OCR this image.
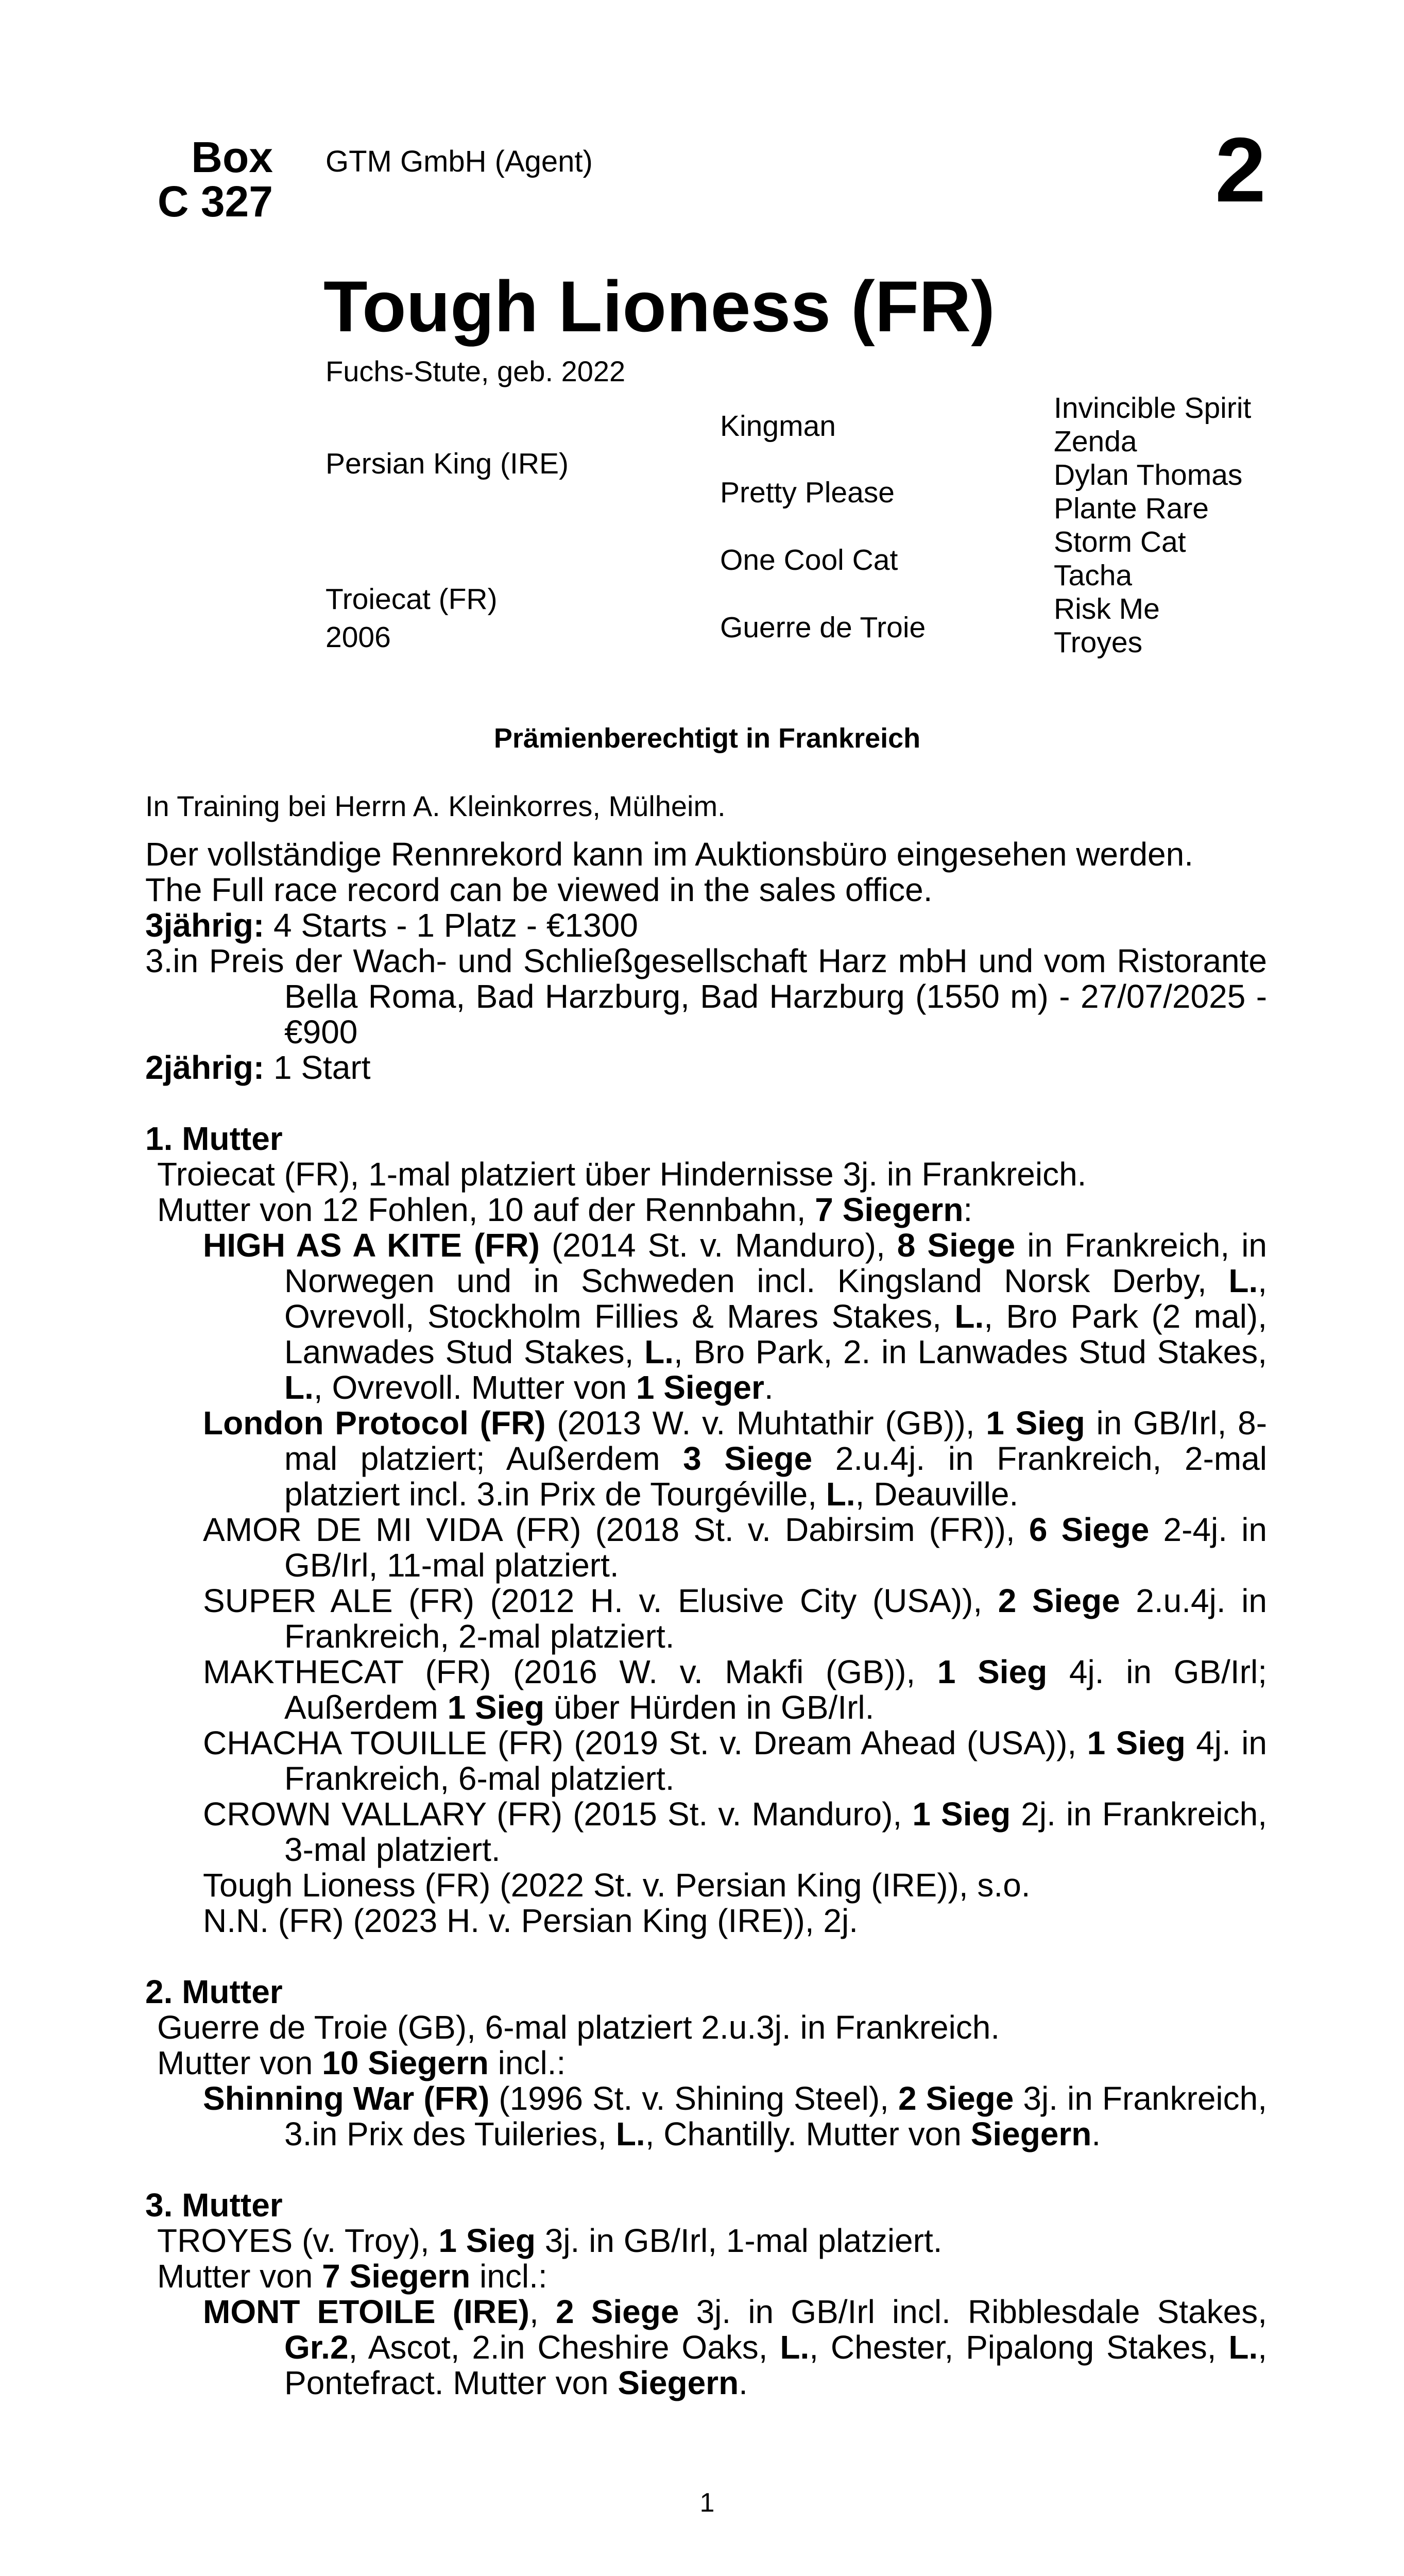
Box
C 327
GTM GmbH (Agent)	2
Tough Lioness (FR)
Fuchs-Stute, geb. 2022
Persian King (IRE)
Troiecat (FR)
2006
Kingman
Pretty Please
One Cool Cat
Guerre de Troie
Invincible Spirit
Zenda
Dylan Thomas
Plante Rare
Storm Cat
Tacha
Risk Me
Troyes
Prämienberechtigt in Frankreich
In Training bei Herrn A. Kleinkorres, Mülheim.

Der vollständige Rennrekord kann im Auktionsbüro eingesehen werden.

The Full race record can be viewed in the sales office.

3jährig: 4 Starts - 1 Platz - €1300

3.in Preis der Wach- und Schließgesellschaft Harz mbH und vom Ristorante Bella Roma, Bad Harzburg, Bad Harzburg (1550 m) - 27/07/2025 - €900

2jährig: 1 Start

1. Mutter

Troiecat (FR), 1-mal platziert über Hindernisse 3j. in Frankreich.

Mutter von 12 Fohlen, 10 auf der Rennbahn, 7 Siegern:

HIGH AS A KITE (FR) (2014 St. v. Manduro), 8 Siege in Frankreich, in Norwegen und in Schweden incl. Kingsland Norsk Derby, L., Ovrevoll, Stockholm Fillies & Mares Stakes, L., Bro Park (2 mal), Lanwades Stud Stakes, L., Bro Park, 2. in Lanwades Stud Stakes, L., Ovrevoll. Mutter von 1 Sieger.

London Protocol (FR) (2013 W. v. Muhtathir (GB)), 1 Sieg in GB/Irl, 8-mal platziert; Außerdem 3 Siege 2.u.4j. in Frankreich, 2-mal platziert incl. 3.in Prix de Tourgéville, L., Deauville.

AMOR DE MI VIDA (FR) (2018 St. v. Dabirsim (FR)), 6 Siege 2-4j. in GB/Irl, 11-mal platziert.

SUPER ALE (FR) (2012 H. v. Elusive City (USA)), 2 Siege 2.u.4j. in Frankreich, 2-mal platziert.

MAKTHECAT (FR) (2016 W. v. Makfi (GB)), 1 Sieg 4j. in GB/Irl; Außerdem 1 Sieg über Hürden in GB/Irl.

CHACHA TOUILLE (FR) (2019 St. v. Dream Ahead (USA)), 1 Sieg 4j. in Frankreich, 6-mal platziert.

CROWN VALLARY (FR) (2015 St. v. Manduro), 1 Sieg 2j. in Frankreich, 3-mal platziert.

Tough Lioness (FR) (2022 St. v. Persian King (IRE)), s.o.

N.N. (FR) (2023 H. v. Persian King (IRE)), 2j.

2. Mutter

Guerre de Troie (GB), 6-mal platziert 2.u.3j. in Frankreich.

Mutter von 10 Siegern incl.:

Shinning War (FR) (1996 St. v. Shining Steel), 2 Siege 3j. in Frankreich, 3.in Prix des Tuileries, L., Chantilly. Mutter von Siegern.

3. Mutter

TROYES (v. Troy), 1 Sieg 3j. in GB/Irl, 1-mal platziert.

Mutter von 7 Siegern incl.:

MONT ETOILE (IRE), 2 Siege 3j. in GB/Irl incl. Ribblesdale Stakes, Gr.2, Ascot, 2.in Cheshire Oaks, L., Chester, Pipalong Stakes, L., Pontefract. Mutter von Siegern.

1
